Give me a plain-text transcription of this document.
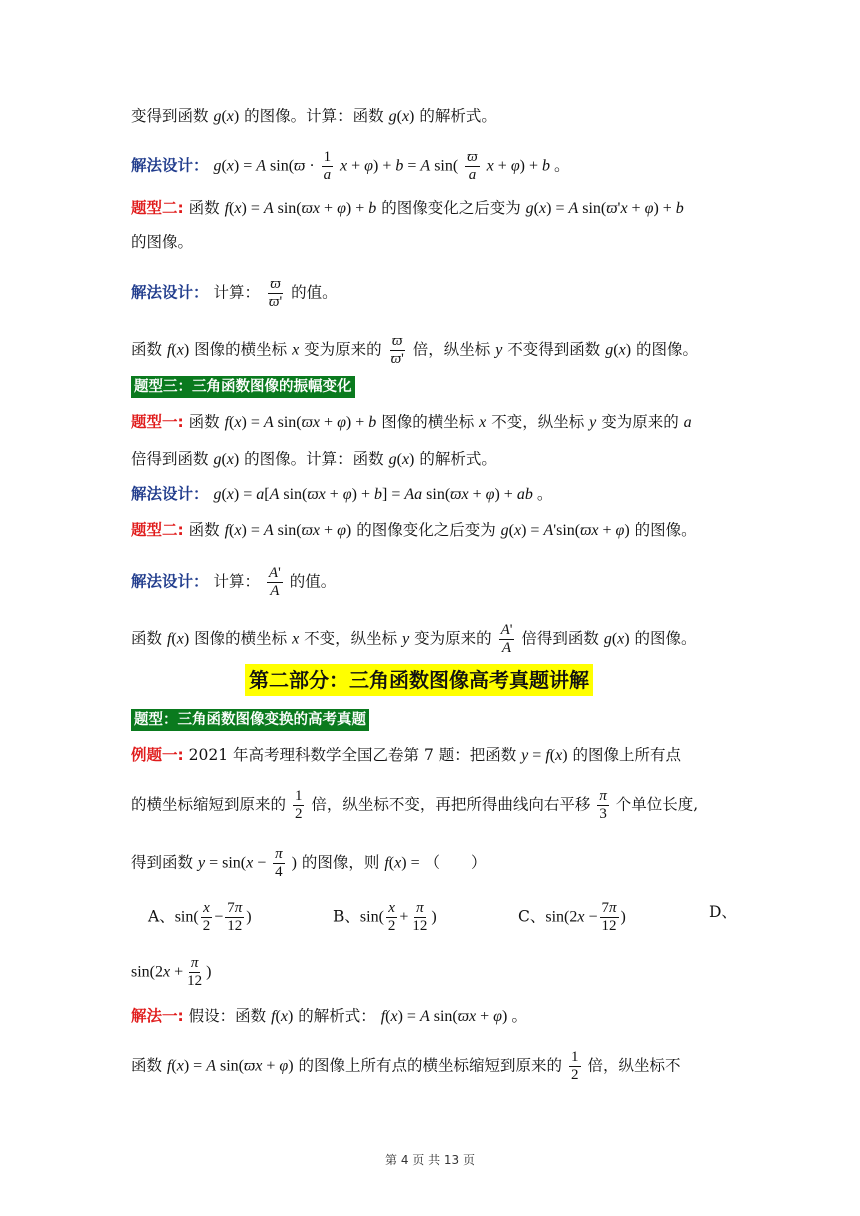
变得到函数 g(x) 的图像。计算：函数 g(x) 的解析式。
解法设计： g(x) = A $\sin(ϖ \cdot \frac{1}{a}$ x + φ) + b = A $\sin( \frac{ϖ}{a}$ x + φ) + b 。
题型二: 函数 f(x) = A sin(ϖx + φ) + b 的图像变化之后变为 g(x) = A sin(ϖ'x + φ) + b
的图像。
解法设计： 计算： $\frac{ϖ}{ϖ'}$ 的值。
函数 f(x) 图像的横坐标 x 变为原来的 $\frac{ϖ}{ϖ'}$ 倍，纵坐标 y 不变得到函数 g(x) 的图像。
题型三：三角函数图像的振幅变化
题型一: 函数 f(x) = A sin(ϖx + φ) + b 图像的横坐标 x 不变，纵坐标 y 变为原来的 a
倍得到函数 g(x) 的图像。计算：函数 g(x) 的解析式。
解法设计： g(x) = a[A sin(ϖx + φ) + b] = Aa sin(ϖx + φ) + ab 。
题型二: 函数 f(x) = A sin(ϖx + φ) 的图像变化之后变为 g(x) = A'sin(ϖx + φ) 的图像。
解法设计： 计算： $\frac{A'}{A}$ 的值。
函数 f(x) 图像的横坐标 x 不变，纵坐标 y 变为原来的 $\frac{A'}{A}$ 倍得到函数 g(x) 的图像。
第二部分：三角函数图像高考真题讲解
题型：三角函数图像变换的高考真题
例题一: 2021 年高考理科数学全国乙卷第 7 题：把函数 y = f(x) 的图像上所有点
的横坐标缩短到原来的 $\frac{1}{2}$ 倍，纵坐标不变，再把所得曲线向右平移 $\frac{\pi}{3}$ 个单位长度,
得到函数 $y = \sin(x - \frac{\pi}{4}$ ) 的图像，则 f(x) = （　　）
A、$\sin( \frac{x}{2} - \frac{7\pi}{12}$ )	B、$\sin( \frac{x}{2} + \frac{\pi}{12}$ )	C、$\sin(2x - \frac{7\pi}{12}$ )	D、
$\sin(2x + \frac{\pi}{12}$ )
解法一: 假设：函数 f(x) 的解析式： f(x) = A sin(ϖx + φ) 。
函数 f(x) = A sin(ϖx + φ) 的图像上所有点的横坐标缩短到原来的 $\frac{1}{2}$ 倍，纵坐标不
第 4 页 共 13 页
